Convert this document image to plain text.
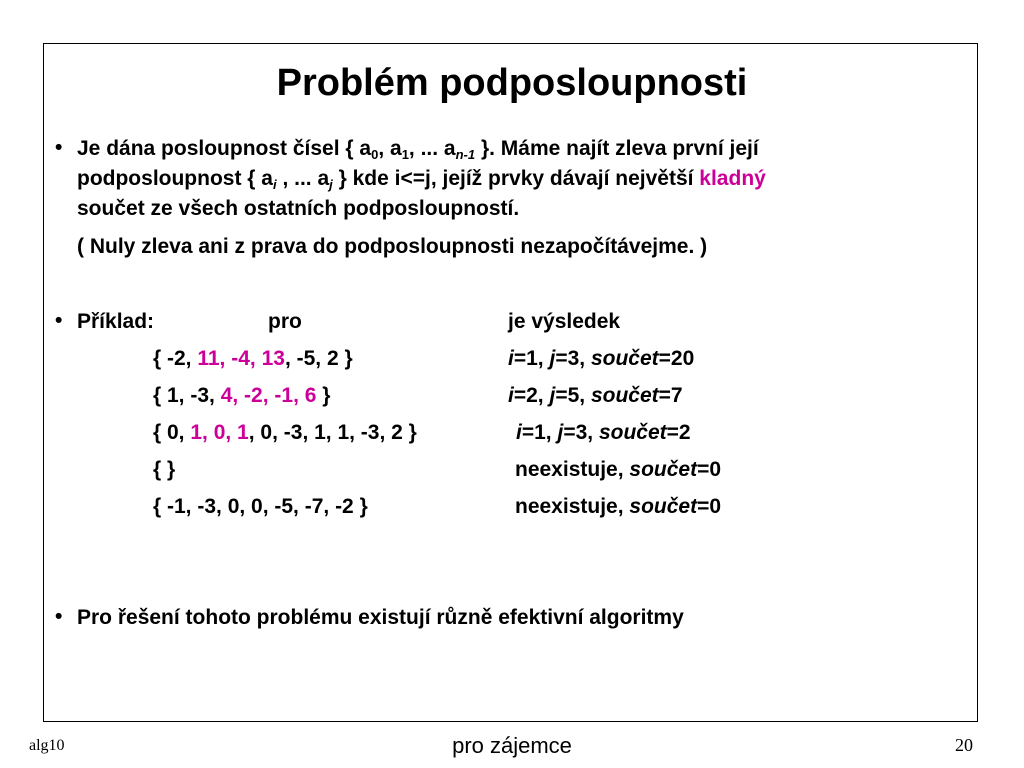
Problém podposloupnosti
• Je dána posloupnost čísel { $a_0$, $a_1$, ... $a_{n-1}$ }. Máme najít zleva první její
podposloupnost { $a_i$ , ... $a_j$ } kde i<=j, jejíž prvky dávají největší kladný
součet ze všech ostatních podposloupností.
( Nuly zleva ani z prava do podposloupnosti nezapočítávejme. )
• Příklad:	pro	je výsledek
{ -2, 11, -4, 13, -5, 2 }	i=1, j=3, součet=20
{ 1, -3, 4, -2, -1, 6 }	i=2, j=5, součet=7
{ 0, 1, 0, 1, 0, -3, 1, 1, -3, 2 }	i=1, j=3, součet=2
{ }	neexistuje, součet=0
{ -1, -3, 0, 0, -5, -7, -2 }	neexistuje, součet=0
• Pro řešení tohoto problému existují různě efektivní algoritmy
alg10	pro zájemce	20
